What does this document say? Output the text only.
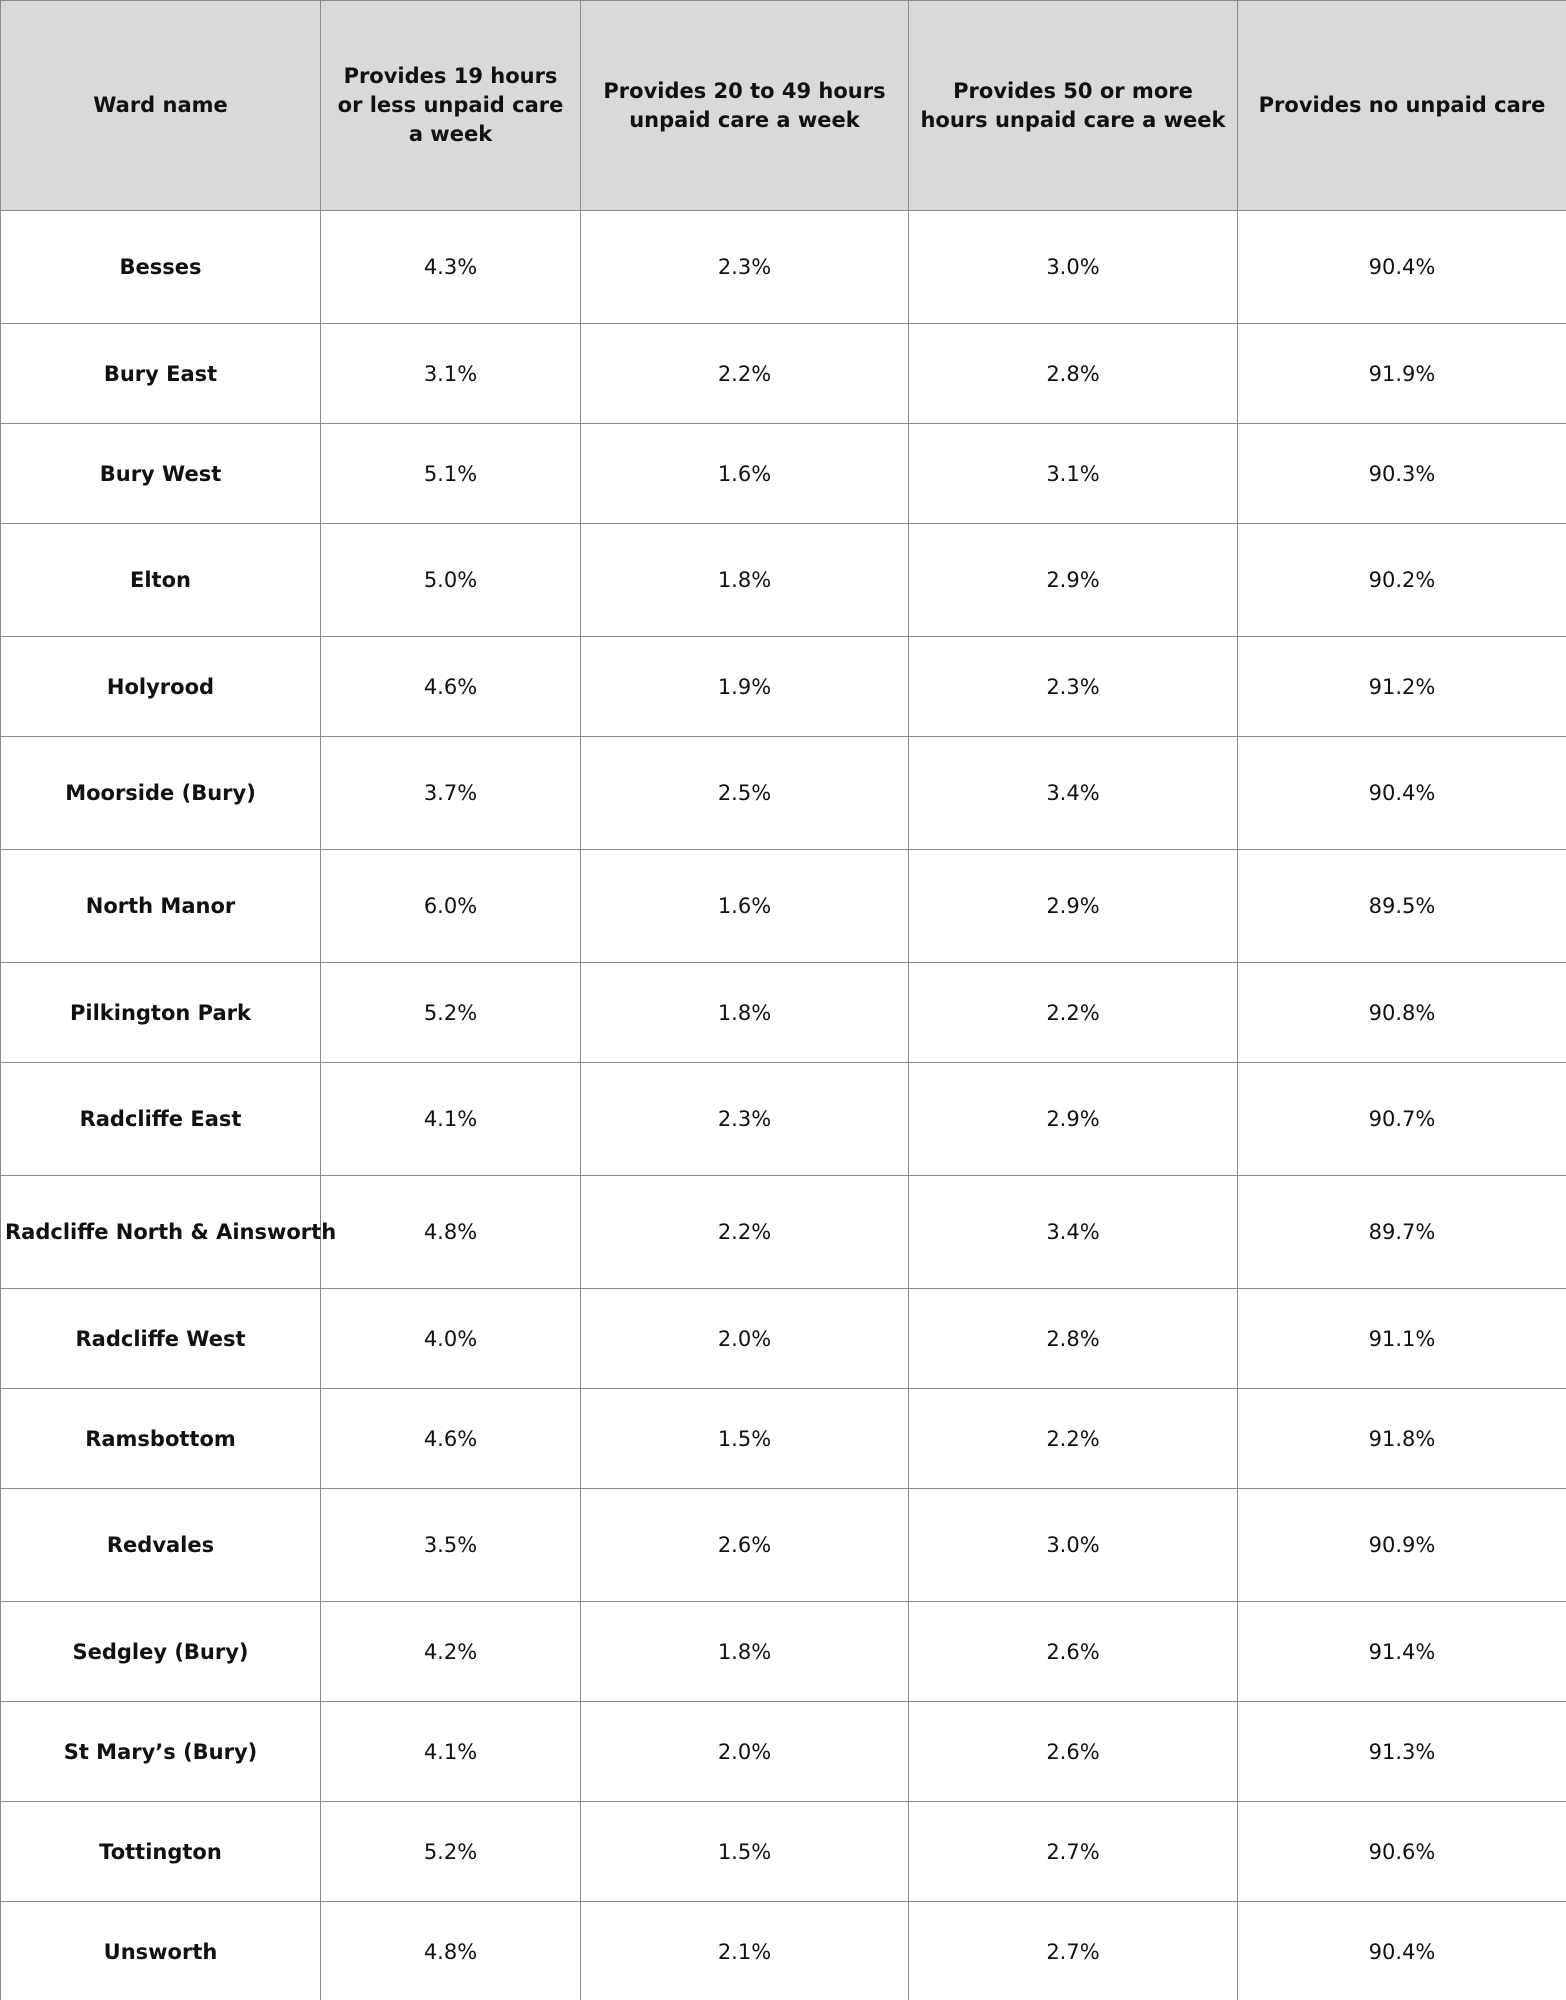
Ward name	Provides 19 hours or less unpaid care a week	Provides 20 to 49 hours unpaid care a week	Provides 50 or more hours unpaid care a week	Provides no unpaid care
Besses	4.3%	2.3%	3.0%	90.4%
Bury East	3.1%	2.2%	2.8%	91.9%
Bury West	5.1%	1.6%	3.1%	90.3%
Elton	5.0%	1.8%	2.9%	90.2%
Holyrood	4.6%	1.9%	2.3%	91.2%
Moorside (Bury)	3.7%	2.5%	3.4%	90.4%
North Manor	6.0%	1.6%	2.9%	89.5%
Pilkington Park	5.2%	1.8%	2.2%	90.8%
Radcliffe East	4.1%	2.3%	2.9%	90.7%
Radcliffe North & Ainsworth	4.8%	2.2%	3.4%	89.7%
Radcliffe West	4.0%	2.0%	2.8%	91.1%
Ramsbottom	4.6%	1.5%	2.2%	91.8%
Redvales	3.5%	2.6%	3.0%	90.9%
Sedgley (Bury)	4.2%	1.8%	2.6%	91.4%
St Mary’s (Bury)	4.1%	2.0%	2.6%	91.3%
Tottington	5.2%	1.5%	2.7%	90.6%
Unsworth	4.8%	2.1%	2.7%	90.4%
